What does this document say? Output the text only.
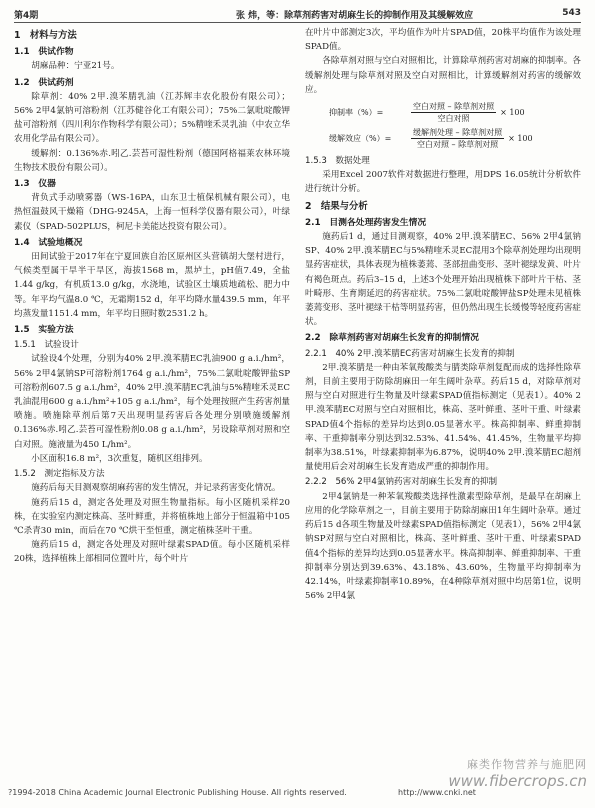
第4期	张 炜，等：除草剂药害对胡麻生长的抑制作用及其缓解效应	543

1　材料与方法

1.1　供试作物

胡麻品种：宁亚21号。

1.2　供试药剂

除草剂：40% 2甲.溴苯腈乳油（江苏辉丰农化股份有限公司）；56% 2甲4氯钠可溶粉剂（江苏健谷化工有限公司）；75%二氯吡啶酸钾盐可溶粉剂（四川利尔作物科学有限公司）；5%精喹禾灵乳油（中农立华农用化学品有限公司）。

缓解剂：0.136%赤.吲乙.芸苔可湿性粉剂（德国阿格福莱农林环境生物技术股份有限公司）。

1.3　仪器

背负式手动喷雾器（WS-16PA，山东卫士植保机械有限公司），电热恒温鼓风干燥箱（DHG-9245A，上海一恒科学仪器有限公司），叶绿素仪（SPAD-502PLUS，柯尼卡美能达投资有限公司）。

1.4　试验地概况

田间试验于2017年在宁夏回族自治区原州区头营镇胡大堡村进行，气候类型属干旱半干旱区，海拔1568 m，黑垆土，pH值7.49，全盐1.44 g/kg，有机质13.0 g/kg，水浇地，试验区土壤质地疏松、肥力中等。年平均气温8.0 ℃，无霜期152 d，年平均降水量439.5 mm，年平均蒸发量1151.4 mm，年平均日照时数2531.2 h。

1.5　实验方法

1.5.1　试验设计

试验设4个处理，分别为40% 2甲.溴苯腈EC乳油900 g a.i./hm²，56% 2甲4氯钠SP可溶粉剂1764 g a.i./hm²，75%二氯吡啶酸钾盐SP可溶粉剂607.5 g a.i./hm²，40% 2甲.溴苯腈EC乳油与5%精喹禾灵EC乳油混用600 g a.i./hm²+105 g a.i./hm²，每个处理按照产生药害剂量喷施。喷施除草剂后第7天出现明显药害后各处理分别喷施缓解剂0.136%赤.吲乙.芸苔可湿性粉剂0.08 g a.i./hm²，另设除草剂对照和空白对照。施液量为450 L/hm²。

小区面积16.8 m²，3次重复，随机区组排列。

1.5.2　测定指标及方法

施药后每天目测观察胡麻药害的发生情况，并记录药害变化情况。

施药后15 d，测定各处理及对照生物量指标。每小区随机采样20株，在实验室内测定株高、茎叶鲜重，并将植株地上部分于恒温箱中105 ℃杀青30 min，而后在70 ℃烘干至恒重，测定植株茎叶干重。

施药后15 d，测定各处理及对照叶绿素SPAD值。每小区随机采样20株，选择植株上部相同位置叶片，每个叶片

在叶片中部测定3次，平均值作为叶片SPAD值，20株平均值作为该处理SPAD值。

各除草剂对照与空白对照相比，计算除草剂药害对胡麻的抑制率。各缓解剂处理与除草剂对照及空白对照相比，计算缓解剂对药害的缓解效应。

抑制率（%）=	$\frac{\text{空白对照 – 除草剂对照}}{\text{空白对照}} \times 100$
缓解效应（%）=	$\frac{\text{缓解剂处理 – 除草剂对照}}{\text{空白对照 – 除草剂对照}} \times 100$

1.5.3　数据处理

采用Excel 2007软件对数据进行整理，用DPS 16.05统计分析软件进行统计分析。

2　结果与分析

2.1　目测各处理药害发生情况

施药后1 d，通过目测观察，40% 2甲.溴苯腈EC、56% 2甲4氯钠SP、40% 2甲.溴苯腈EC与5%精喹禾灵EC混用3个除草剂处理均出现明显药害症状，具体表现为植株萎蔫、茎部扭曲变形、茎叶褪绿发黄、叶片有褐色斑点。药后3–15 d，上述3个处理开始出现植株下部叶片干枯、茎叶畸形、生育期延迟的药害症状。75%二氯吡啶酸钾盐SP处理未见植株萎蔫变形、茎叶褪绿干枯等明显药害，但仍然出现生长缓慢等轻度药害症状。

2.2　除草剂药害对胡麻生长发育的抑制情况

2.2.1　40% 2甲.溴苯腈EC药害对胡麻生长发育的抑制

2甲.溴苯腈是一种由苯氧羧酸类与腈类除草剂复配而成的选择性除草剂，目前主要用于防除胡麻田一年生阔叶杂草。药后15 d，对除草剂对照与空白对照进行生物量及叶绿素SPAD值指标测定（见表1）。40% 2甲.溴苯腈EC对照与空白对照相比，株高、茎叶鲜重、茎叶干重、叶绿素SPAD值4个指标的差异均达到0.05显著水平。株高抑制率、鲜重抑制率、干重抑制率分别达到32.53%、41.54%、41.45%，生物量平均抑制率为38.51%，叶绿素抑制率为6.87%，说明40% 2甲.溴苯腈EC超剂量使用后会对胡麻生长发育造成严重的抑制作用。

2.2.2　56% 2甲4氯钠药害对胡麻生长发育的抑制

2甲4氯钠是一种苯氧羧酸类选择性激素型除草剂，是最早在胡麻上应用的化学除草剂之一，目前主要用于防除胡麻田1年生阔叶杂草。通过药后15 d各项生物量及叶绿素SPAD值指标测定（见表1），56% 2甲4氯钠SP对照与空白对照相比，株高、茎叶鲜重、茎叶干重、叶绿素SPAD值4个指标的差异均达到0.05显著水平。株高抑制率、鲜重抑制率、干重抑制率分别达到39.63%、43.18%、43.60%，生物量平均抑制率为42.14%，叶绿素抑制率10.89%，在4种除草剂对照中均居第1位，说明56% 2甲4氯

麻类作物营养与施肥网
www.fibercrops.cn
?1994-2018 China Academic Journal Electronic Publishing House. All rights reserved.	http://www.cnki.net
